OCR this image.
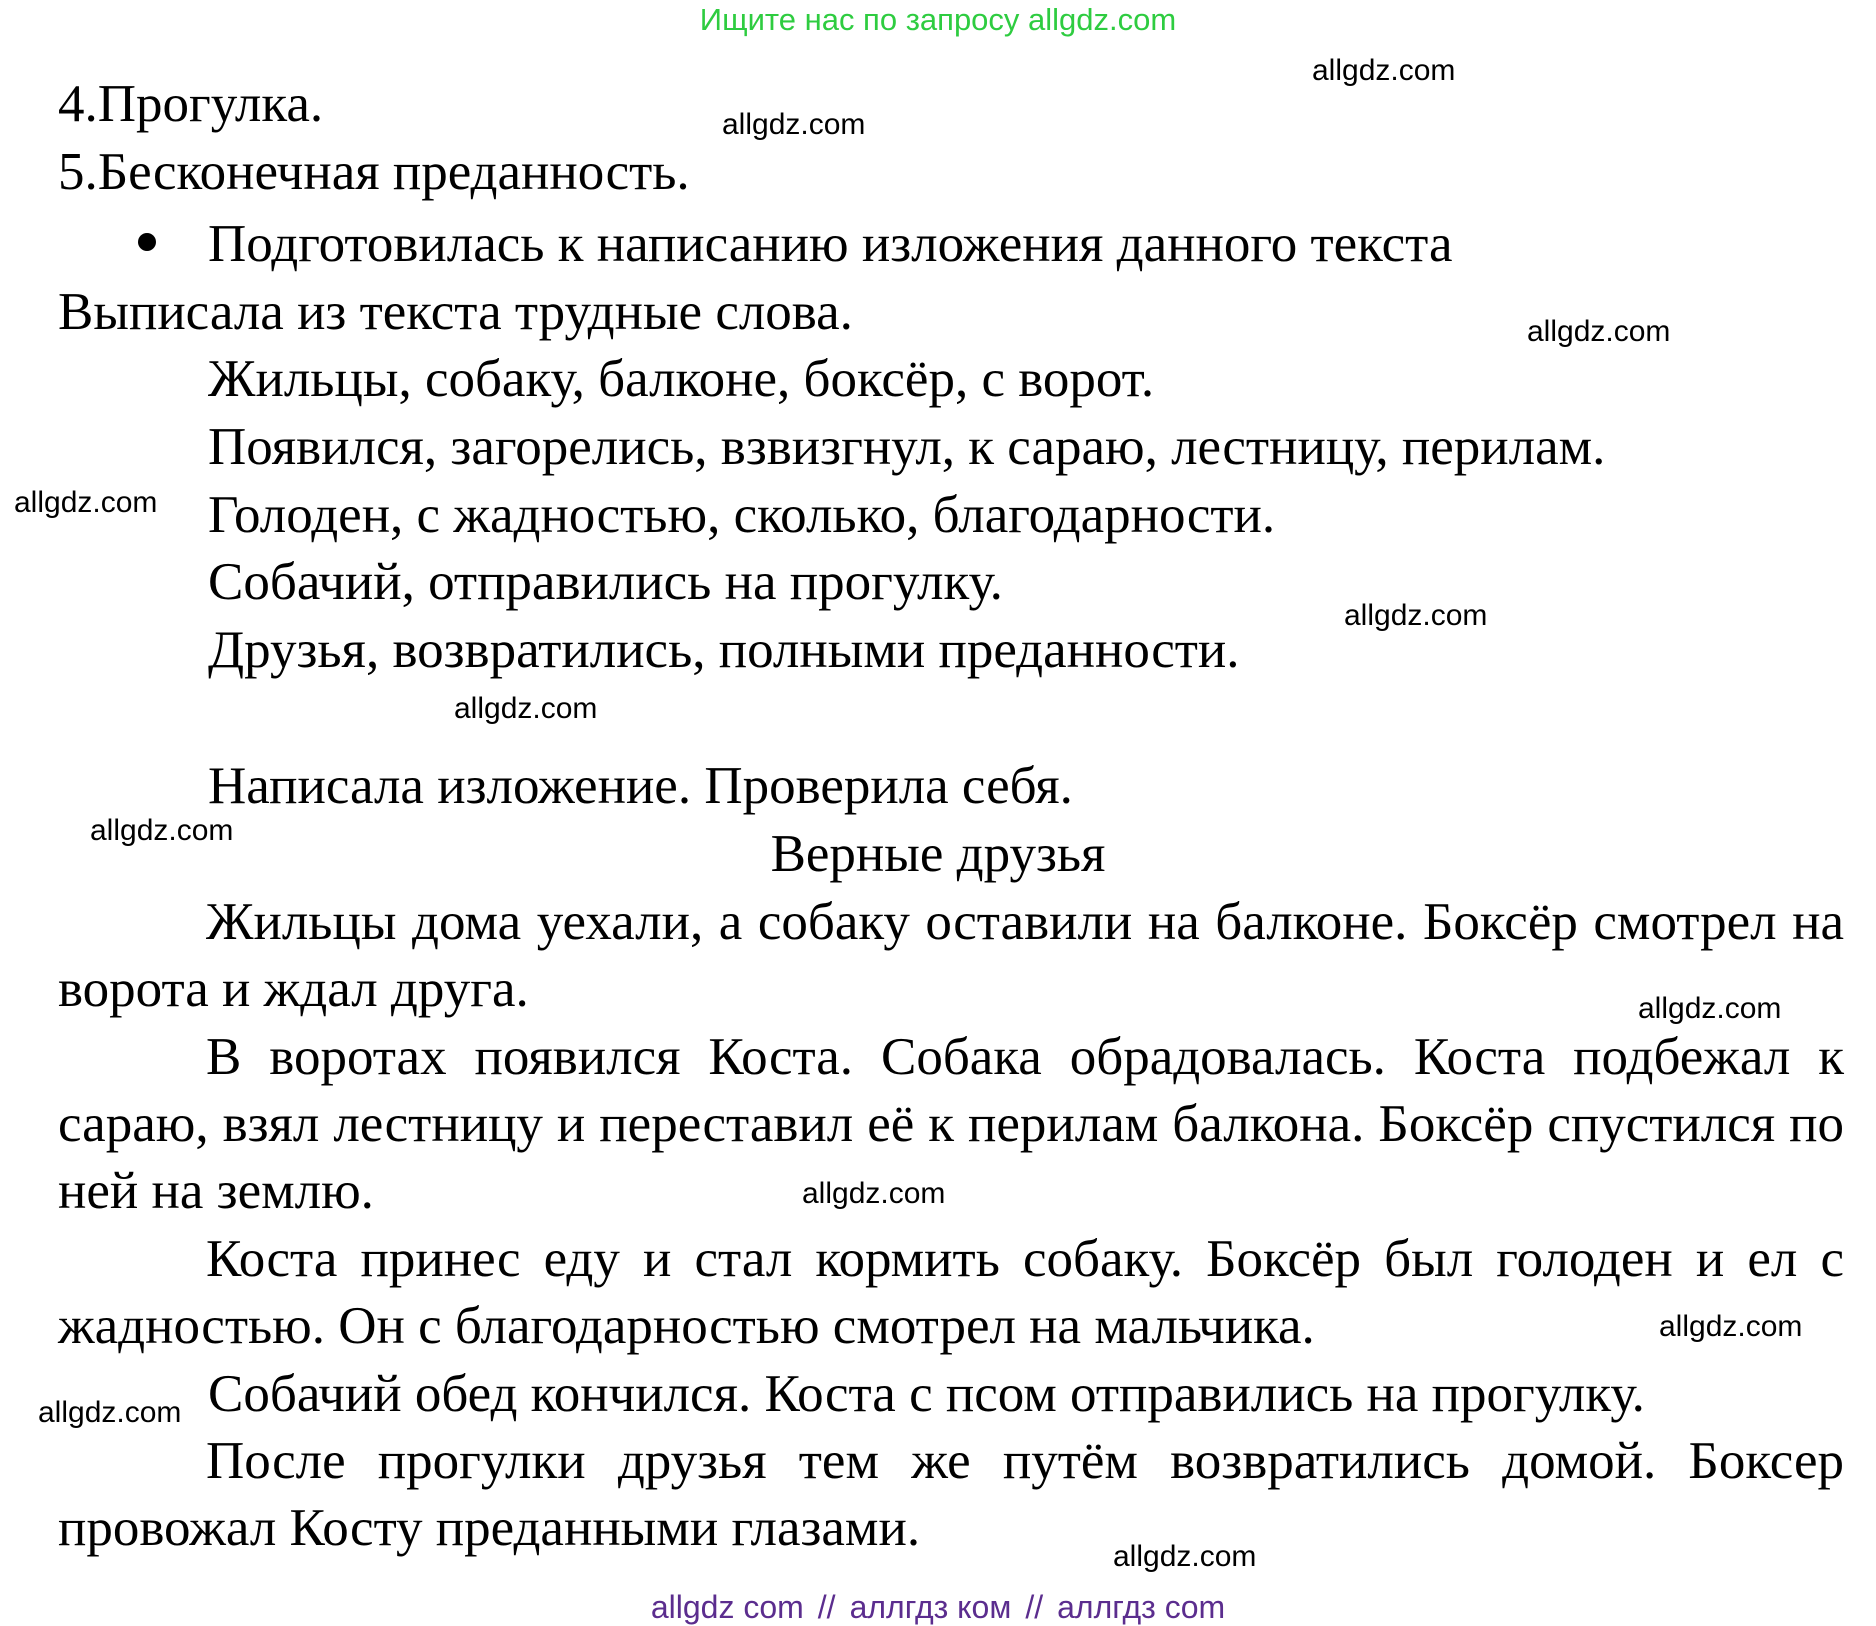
Ищите нас по запросу allgdz.com
4.Прогулка.
5.Бесконечная преданность.
Подготовилась к написанию изложения данного текста
Выписала из текста трудные слова.
Жильцы, собаку, балконе, боксёр, с ворот.
Появился, загорелись, взвизгнул, к сараю, лестницу, перилам.
Голоден, с жадностью, сколько, благодарности.
Собачий, отправились на прогулку.
Друзья, возвратились, полными преданности.
Написала изложение. Проверила себя.
Верные друзья

Жильцы дома уехали, а собаку оставили на балконе. Боксёр смотрел на ворота и ждал друга.

В воротах появился Коста. Собака обрадовалась. Коста подбежал к сараю, взял лестницу и переставил её к перилам балкона. Боксёр спустился по ней на землю.

Коста принес еду и стал кормить собаку. Боксёр был голоден и ел с жадностью. Он с благодарностью смотрел на мальчика.

Собачий обед кончился. Коста с псом отправились на прогулку.

После прогулки друзья тем же путём возвратились домой. Боксер провожал Косту преданными глазами.

allgdz.com
allgdz.com
allgdz.com
allgdz.com
allgdz.com
allgdz.com
allgdz.com
allgdz.com
allgdz.com
allgdz.com
allgdz.com
allgdz.com
allgdz com // аллгдз ком // аллгдз com
